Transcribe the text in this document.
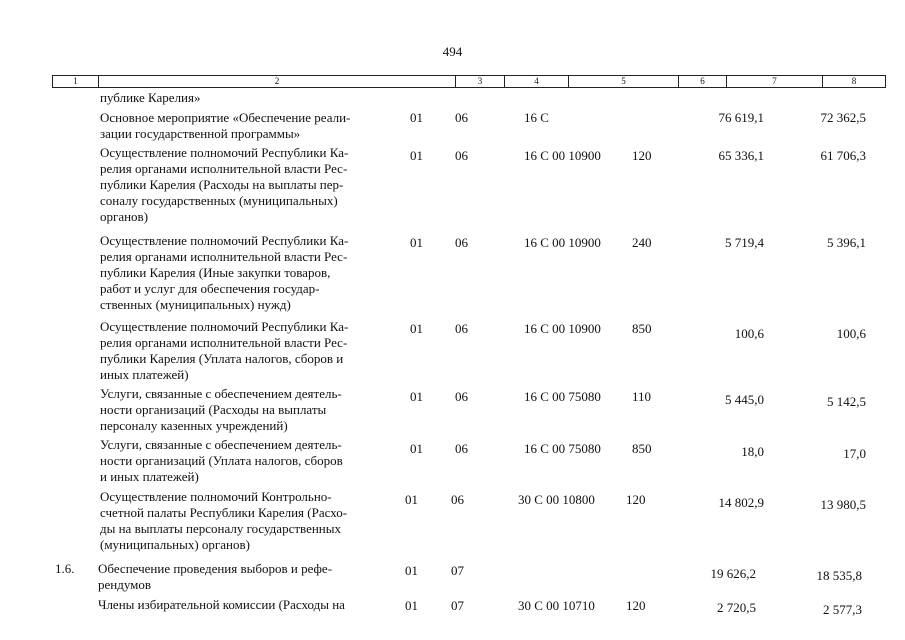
494
1	2	3	4	5	6	7	8
публике Карелия»
Основное мероприятие «Обеспечение реали-
зации государственной программы»
01 06	16 С	76 619,1	72 362,5
Осуществление полномочий Республики Ка-
релия органами исполнительной власти Рес-
публики Карелия (Расходы на выплаты пер-
соналу государственных (муниципальных)
органов)
01 06	16 С 00 10900 120	65 336,1	61 706,3
Осуществление полномочий Республики Ка-
релия органами исполнительной власти Рес-
публики Карелия (Иные закупки товаров,
работ и услуг для обеспечения государ-
ственных (муниципальных) нужд)
01 06	16 С 00 10900 240	5 719,4	5 396,1
Осуществление полномочий Республики Ка-
релия органами исполнительной власти Рес-
публики Карелия (Уплата налогов, сборов и
иных платежей)
01 06	16 С 00 10900 850	100,6	100,6
Услуги, связанные с обеспечением деятель-
ности организаций (Расходы на выплаты
персоналу казенных учреждений)
01 06	16 С 00 75080 110	5 445,0	5 142,5
Услуги, связанные с обеспечением деятель-
ности организаций (Уплата налогов, сборов
и иных платежей)
01 06	16 С 00 75080 850	18,0	17,0
Осуществление полномочий Контрольно-
счетной палаты Республики Карелия (Расхо-
ды на выплаты персоналу государственных
(муниципальных) органов)
01	06	30 С 00 10800 120	14 802,9	13 980,5
1.6. Обеспечение проведения выборов и рефе-
рендумов
01	07	19 626,2	18 535,8
Члены избирательной комиссии (Расходы на	01	07	30 С 00 10710 120	2 720,5	2 577,3
